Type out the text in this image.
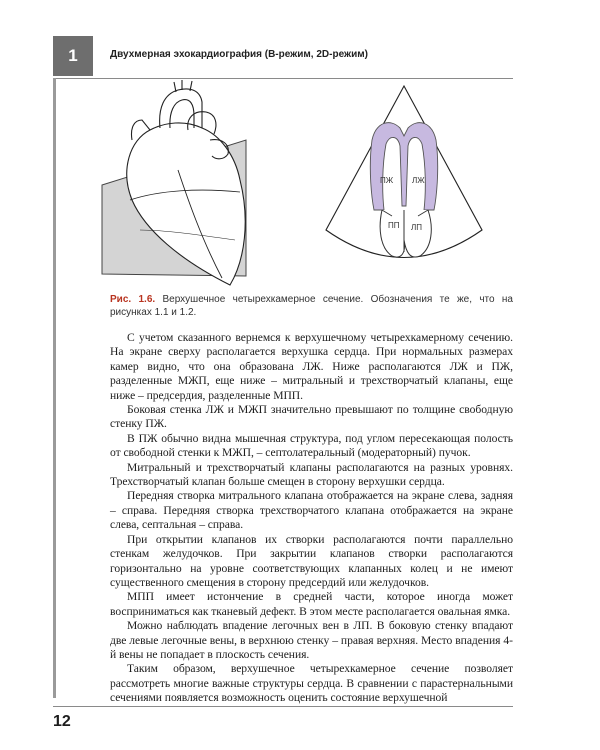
1	Двухмерная эхокардиография (В-режим, 2D-режим)
ПЖ ЛЖ
ПП ЛП

Рис. 1.6. Верхушечное четырехкамерное сечение. Обозначения те же, что на рисунках 1.1 и 1.2.

С учетом сказанного вернемся к верхушечному четырехкамерному сечению. На экране сверху располагается верхушка сердца. При нормальных размерах камер видно, что она образована ЛЖ. Ниже располагаются ЛЖ и ПЖ, разделенные МЖП, еще ниже – митральный и трехстворчатый клапаны, еще ниже – предсердия, разделенные МПП.

Боковая стенка ЛЖ и МЖП значительно превышают по толщине свободную стенку ПЖ.

В ПЖ обычно видна мышечная структура, под углом пересекающая полость от свободной стенки к МЖП, – септолатеральный (модераторный) пучок.

Митральный и трехстворчатый клапаны располагаются на разных уровнях. Трехстворчатый клапан больше смещен в сторону верхушки сердца.

Передняя створка митрального клапана отображается на экране слева, задняя – справа. Передняя створка трехстворчатого клапана отображается на экране слева, септальная – справа.

При открытии клапанов их створки располагаются почти параллельно стенкам желудочков. При закрытии клапанов створки располагаются горизонтально на уровне соответствующих клапанных колец и не имеют существенного смещения в сторону предсердий или желудочков.

МПП имеет истончение в средней части, которое иногда может восприниматься как тканевый дефект. В этом месте располагается овальная ямка.

Можно наблюдать впадение легочных вен в ЛП. В боковую стенку впадают две левые легочные вены, в верхнюю стенку – правая верхняя. Место впадения 4-й вены не попадает в плоскость сечения.

Таким образом, верхушечное четырехкамерное сечение позволяет рассмотреть многие важные структуры сердца. В сравнении с парастернальными сечениями появляется возможность оценить состояние верхушечной

12
